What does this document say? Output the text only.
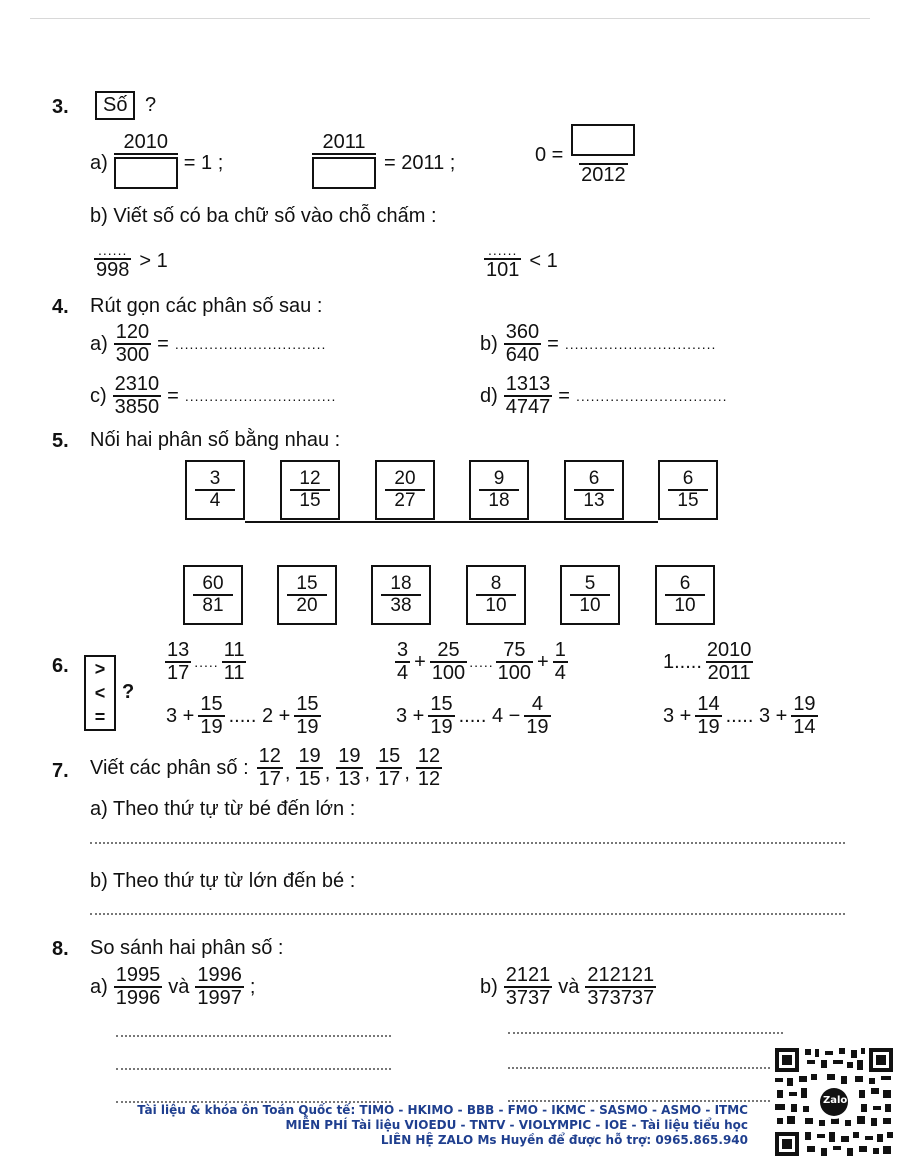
3.	Số ?
a)
2010
= 1 ;
2011
= 2011 ;	0 =
2012
b) Viết số có ba chữ số vào chỗ chấm :
$\frac{......}{998} > 1$	$\frac{......}{101} < 1$
4. Rút gọn các phân số sau :
$a) \frac{120}{300}$ = ...............................	$b) \frac{360}{640}$ = ...............................
$c) \frac{2310}{3850}$ = ...............................	$d) \frac{1313}{4747}$ = ...............................
5. Nối hai phân số bằng nhau :
$\frac{3}{4}$	$\frac{12}{15}$	$\frac{20}{27}$	$\frac{9}{18}$	$\frac{6}{13}$	$\frac{6}{15}$
$\frac{60}{81}$	$\frac{15}{20}$	$\frac{18}{38}$	$\frac{8}{10}$	$\frac{5}{10}$	$\frac{6}{10}$
6. >
<
=
?
$\frac{13}{17}$ ..... $\frac{11}{11}$	$\frac{3}{4} + \frac{25}{100}$ ..... $\frac{75}{100} + \frac{1}{4}$	1..... $\frac{2010}{2011}$
$3 + \frac{15}{19}$ ..... $2 + \frac{15}{19}$	$3 + \frac{15}{19}$ ..... $4 - \frac{4}{19}$	$3 + \frac{14}{19}$ ..... $3 + \frac{19}{14}$
7. Viết các phân số : $\frac{12}{17}$ , $\frac{19}{15}$ , $\frac{19}{13}$ , $\frac{15}{17}$ , $\frac{12}{12}$
a) Theo thứ tự từ bé đến lớn :
b) Theo thứ tự từ lớn đến bé :
8. So sánh hai phân số :
$a) \frac{1995}{1996}$ và $\frac{1996}{1997}$ ;	$b) \frac{2121}{3737}$ và $\frac{212121}{373737}$
Tài liệu & khóa ôn Toán Quốc tế: TIMO - HKIMO - BBB - FMO - IKMC - SASMO - ASMO - ITMC
MIỄN PHÍ Tài liệu VIOEDU - TNTV - VIOLYMPIC - IOE - Tài liệu tiểu học
LIÊN HỆ ZALO Ms Huyền để được hỗ trợ: 0965.865.940
Zalo
